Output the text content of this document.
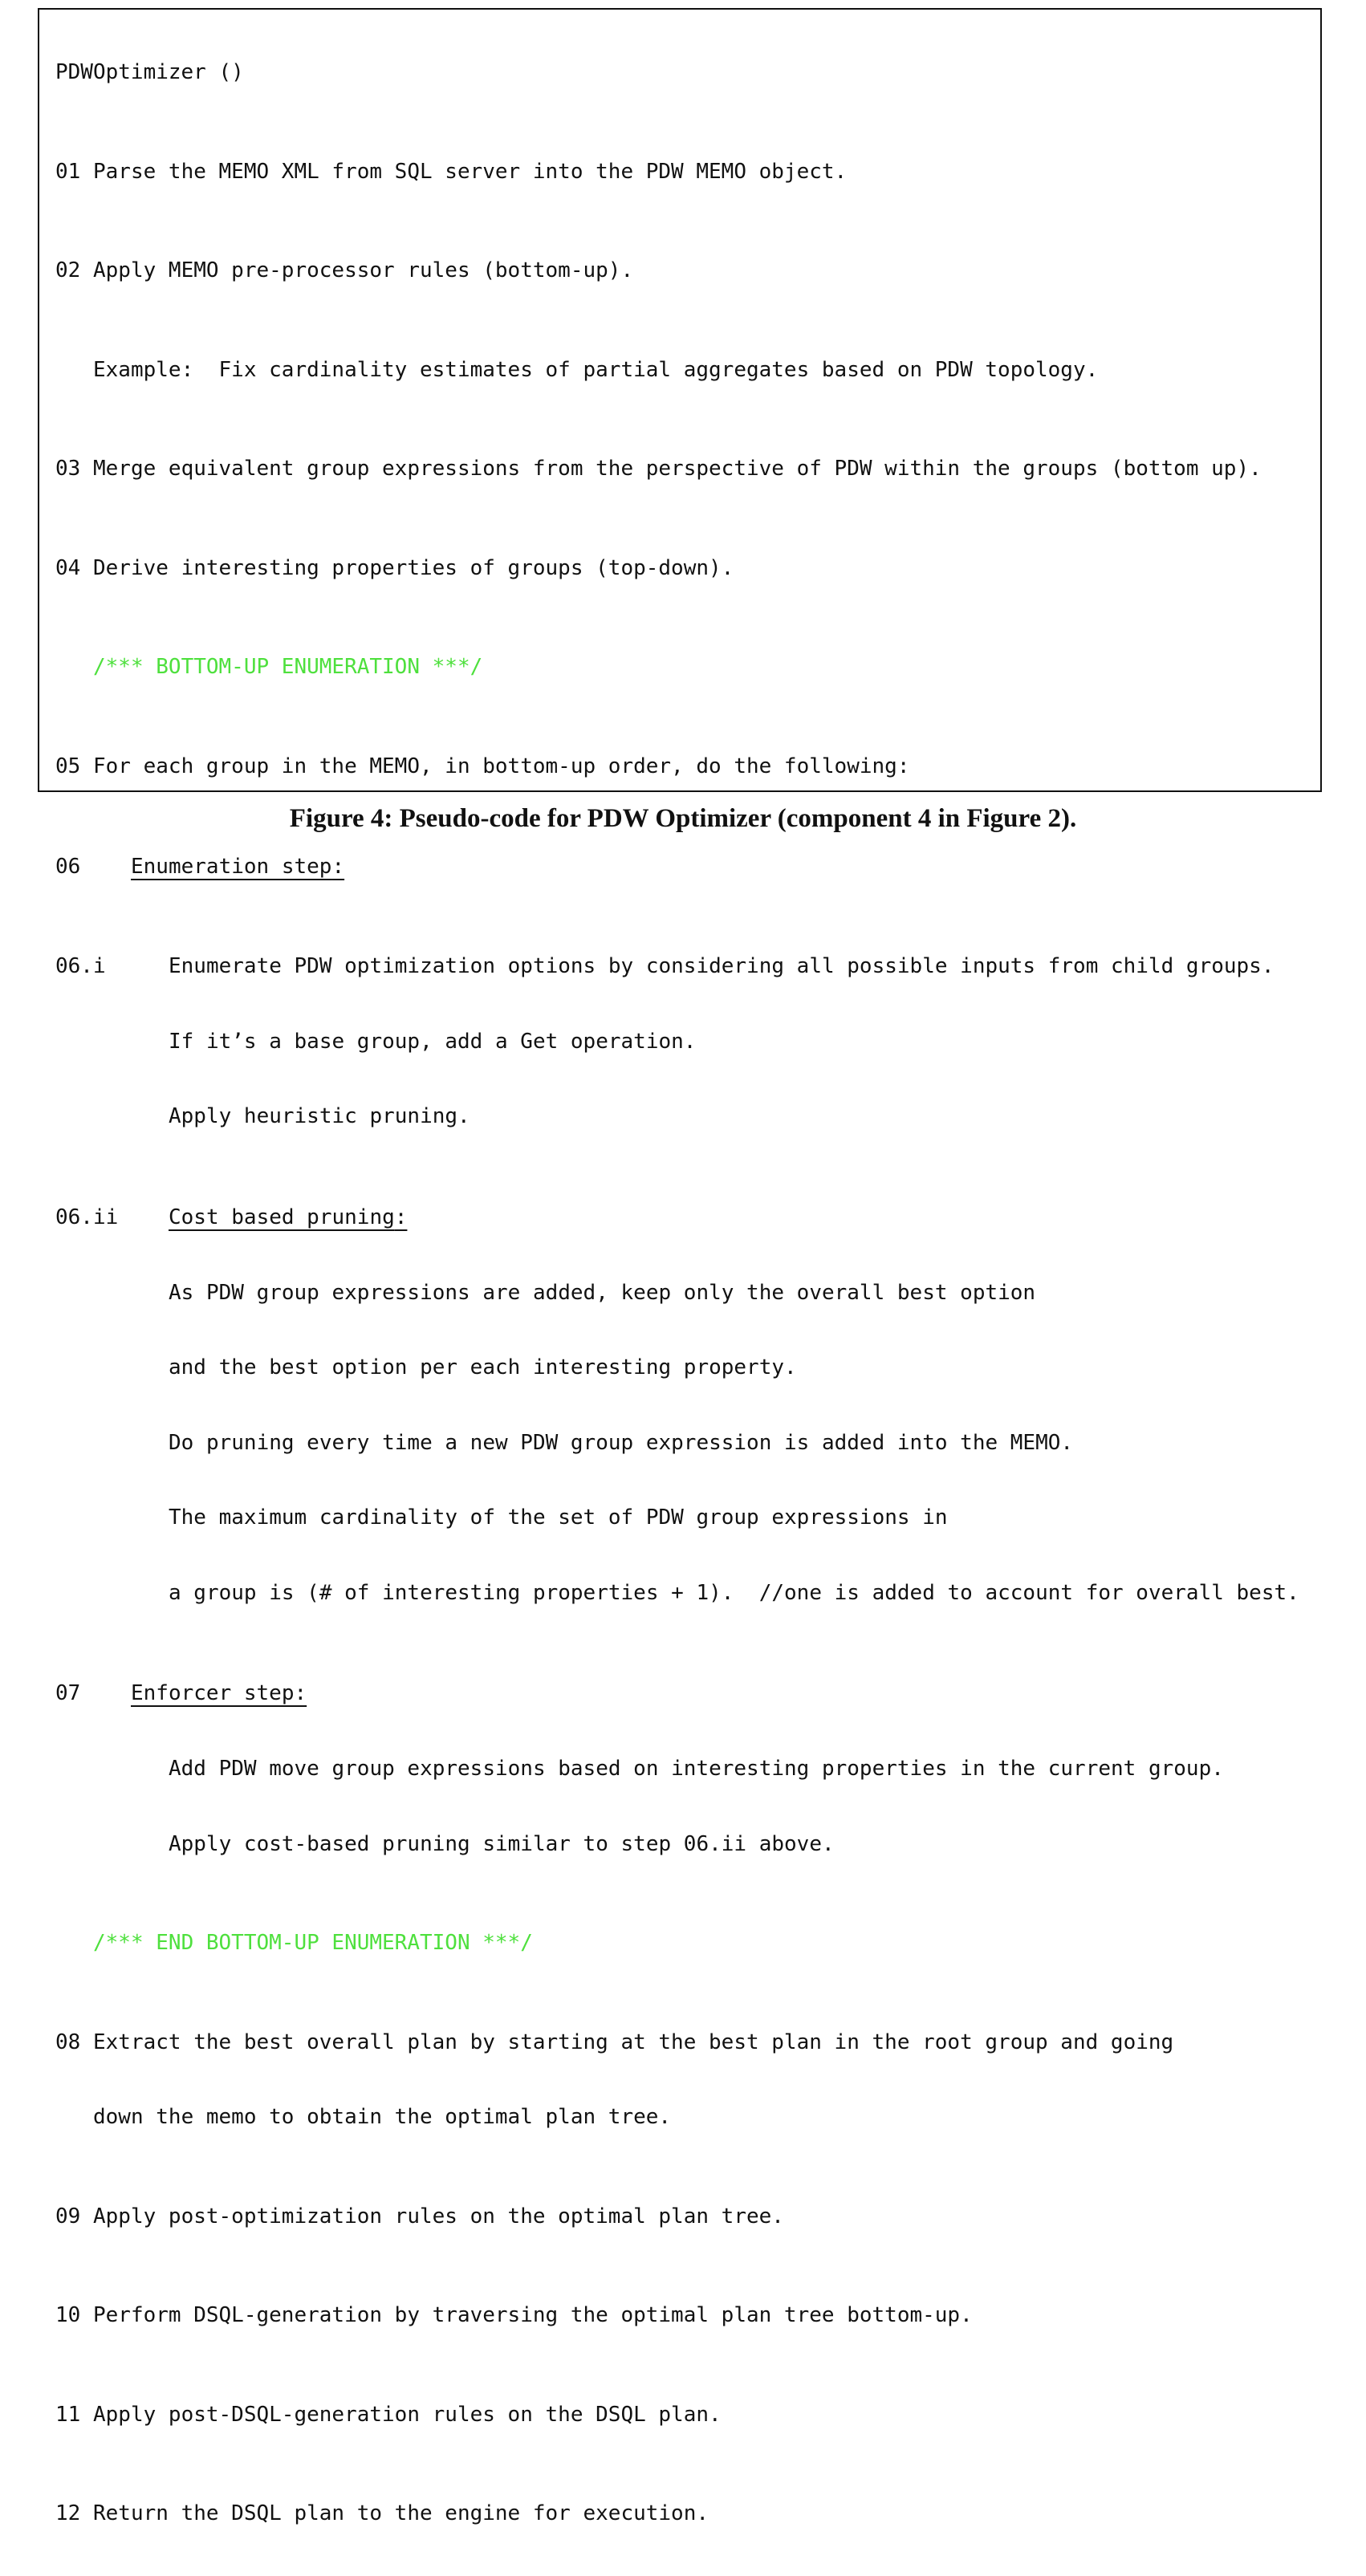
PDWOptimizer ()

01 Parse the MEMO XML from SQL server into the PDW MEMO object.

02 Apply MEMO pre-processor rules (bottom-up).

Example:  Fix cardinality estimates of partial aggregates based on PDW topology.

03 Merge equivalent group expressions from the perspective of PDW within the groups (bottom up).

04 Derive interesting properties of groups (top-down).

/*** BOTTOM-UP ENUMERATION ***/

05 For each group in the MEMO, in bottom-up order, do the following:

06 Enumeration step:

06.i	Enumerate PDW optimization options by considering all possible inputs from child groups.

If it’s a base group, add a Get operation.

Apply heuristic pruning.

06.ii Cost based pruning:

As PDW group expressions are added, keep only the overall best option

and the best option per each interesting property.

Do pruning every time a new PDW group expression is added into the MEMO.

The maximum cardinality of the set of PDW group expressions in

a group is (# of interesting properties + 1).  //one is added to account for overall best.

07 Enforcer step:

Add PDW move group expressions based on interesting properties in the current group.

Apply cost-based pruning similar to step 06.ii above.

/*** END BOTTOM-UP ENUMERATION ***/

08 Extract the best overall plan by starting at the best plan in the root group and going

down the memo to obtain the optimal plan tree.

09 Apply post-optimization rules on the optimal plan tree.

10 Perform DSQL-generation by traversing the optimal plan tree bottom-up.

11 Apply post-DSQL-generation rules on the DSQL plan.

12 Return the DSQL plan to the engine for execution.

Figure 4: Pseudo-code for PDW Optimizer (component 4 in Figure 2).
